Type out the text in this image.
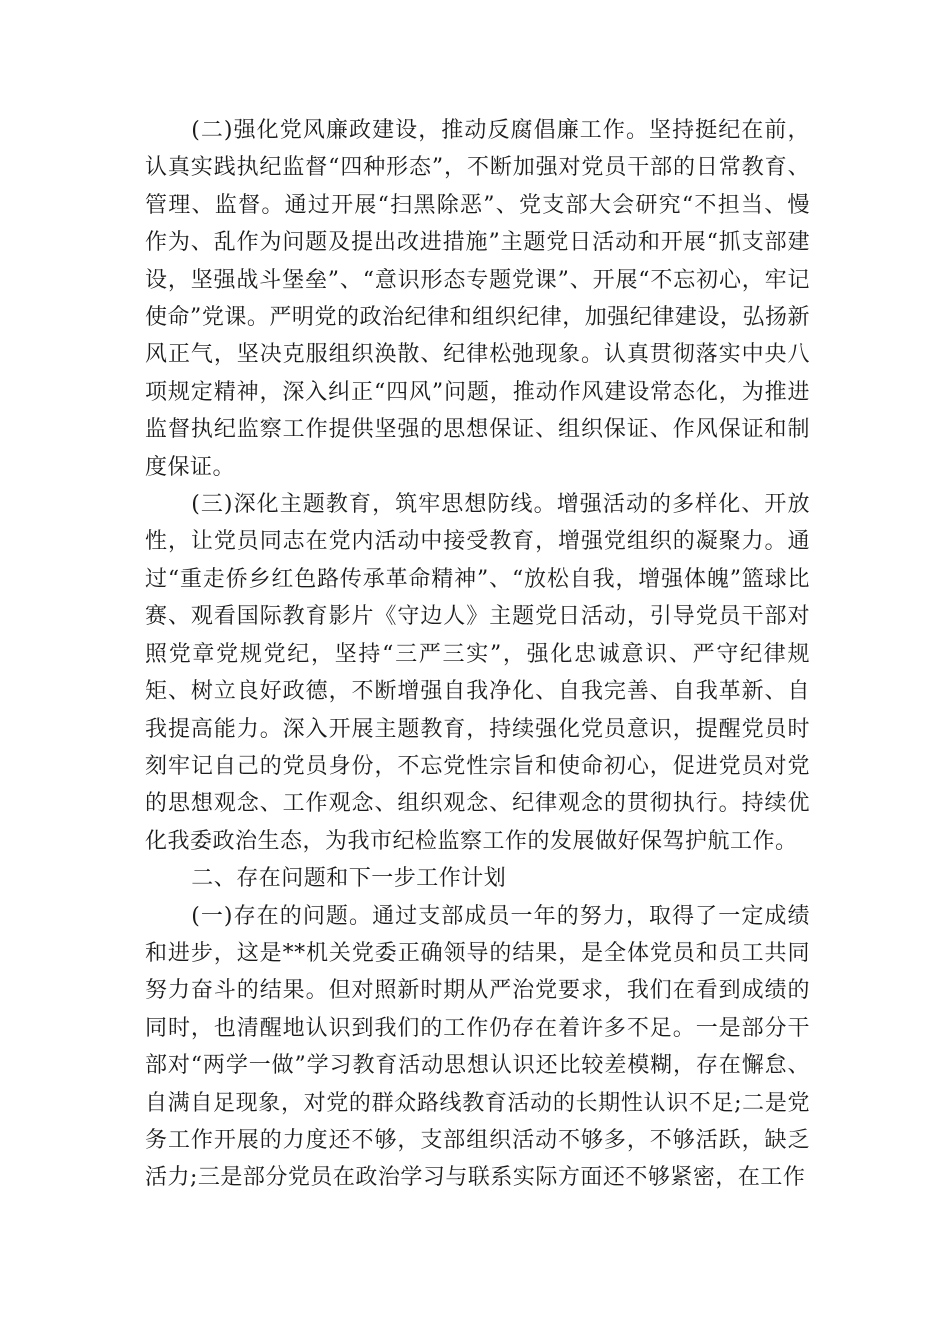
(二)强化党风廉政建设，推动反腐倡廉工作。坚持挺纪在前，认真实践执纪监督“四种形态”，不断加强对党员干部的日常教育、管理、监督。通过开展“扫黑除恶”、党支部大会研究“不担当、慢作为、乱作为问题及提出改进措施”主题党日活动和开展“抓支部建设，坚强战斗堡垒”、“意识形态专题党课”、开展“不忘初心，牢记使命”党课。严明党的政治纪律和组织纪律，加强纪律建设，弘扬新风正气，坚决克服组织涣散、纪律松弛现象。认真贯彻落实中央八项规定精神，深入纠正“四风”问题，推动作风建设常态化，为推进监督执纪监察工作提供坚强的思想保证、组织保证、作风保证和制度保证。

(三)深化主题教育，筑牢思想防线。增强活动的多样化、开放性，让党员同志在党内活动中接受教育，增强党组织的凝聚力。通过“重走侨乡红色路传承革命精神”、“放松自我，增强体魄”篮球比赛、观看国际教育影片《守边人》主题党日活动，引导党员干部对照党章党规党纪，坚持“三严三实”，强化忠诚意识、严守纪律规矩、树立良好政德，不断增强自我净化、自我完善、自我革新、自我提高能力。深入开展主题教育，持续强化党员意识，提醒党员时刻牢记自己的党员身份，不忘党性宗旨和使命初心，促进党员对党的思想观念、工作观念、组织观念、纪律观念的贯彻执行。持续优化我委政治生态，为我市纪检监察工作的发展做好保驾护航工作。

二、存在问题和下一步工作计划

(一)存在的问题。通过支部成员一年的努力，取得了一定成绩和进步，这是**机关党委正确领导的结果，是全体党员和员工共同努力奋斗的结果。但对照新时期从严治党要求，我们在看到成绩的同时，也清醒地认识到我们的工作仍存在着许多不足。一是部分干部对“两学一做”学习教育活动思想认识还比较差模糊，存在懈怠、自满自足现象，对党的群众路线教育活动的长期性认识不足;二是党务工作开展的力度还不够，支部组织活动不够多，不够活跃，缺乏活力;三是部分党员在政治学习与联系实际方面还不够紧密，在工作
